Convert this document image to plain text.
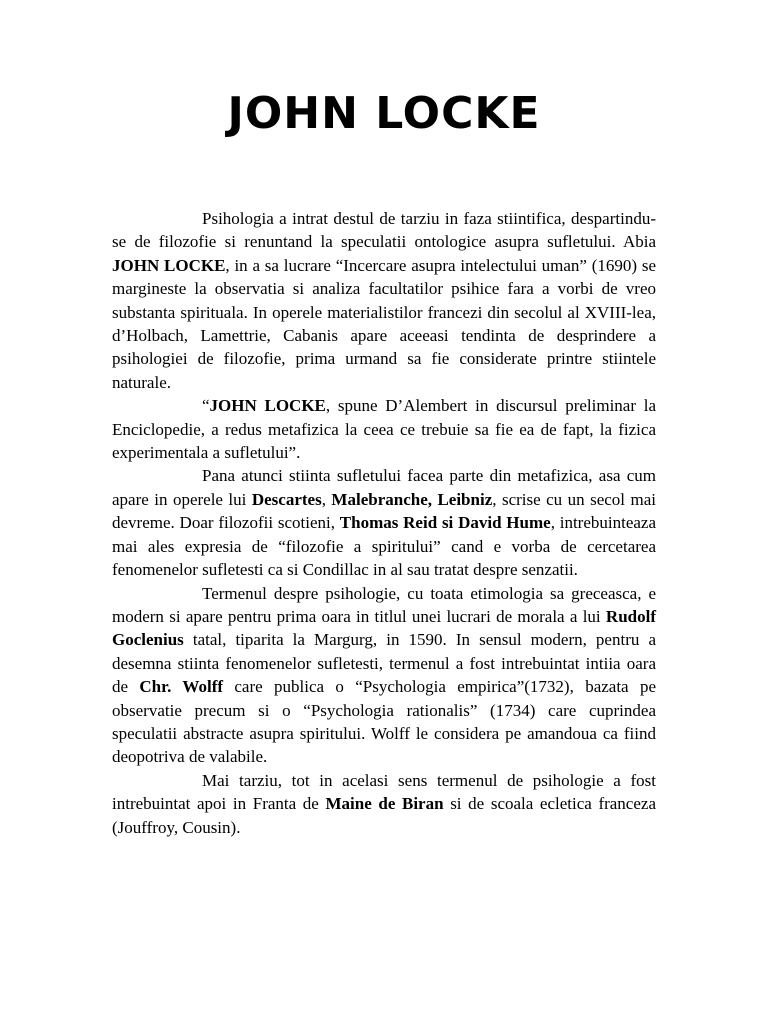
JOHN LOCKE

Psihologia a intrat destul de tarziu in faza stiintifica, despartindu-se de filozofie si renuntand la speculatii ontologice asupra sufletului. Abia JOHN LOCKE, in a sa lucrare “Incercare asupra intelectului uman” (1690) se margineste la observatia si analiza facultatilor psihice fara a vorbi de vreo substanta spirituala. In operele materialistilor francezi din secolul al XVIII-lea, d’Holbach, Lamettrie, Cabanis apare aceeasi tendinta de desprindere a psihologiei de filozofie, prima urmand sa fie considerate printre stiintele naturale.

“JOHN LOCKE, spune D’Alembert in discursul preliminar la Enciclopedie, a redus metafizica la ceea ce trebuie sa fie ea de fapt, la fizica experimentala a sufletului”.

Pana atunci stiinta sufletului facea parte din metafizica, asa cum apare in operele lui Descartes, Malebranche, Leibniz, scrise cu un secol mai devreme. Doar filozofii scotieni, Thomas Reid si David Hume, intrebuinteaza mai ales expresia de “filozofie a spiritului” cand e vorba de cercetarea fenomenelor sufletesti ca si Condillac in al sau tratat despre senzatii.

Termenul despre psihologie, cu toata etimologia sa greceasca, e modern si apare pentru prima oara in titlul unei lucrari de morala a lui Rudolf Goclenius tatal, tiparita la Margurg, in 1590. In sensul modern, pentru a desemna stiinta fenomenelor sufletesti, termenul a fost intrebuintat intiia oara de Chr. Wolff care publica o “Psychologia empirica”(1732), bazata pe observatie precum si o “Psychologia rationalis” (1734) care cuprindea speculatii abstracte asupra spiritului. Wolff le considera pe amandoua ca fiind deopotriva de valabile.

Mai tarziu, tot in acelasi sens termenul de psihologie a fost intrebuintat apoi in Franta de Maine de Biran si de scoala ecletica franceza (Jouffroy, Cousin).
